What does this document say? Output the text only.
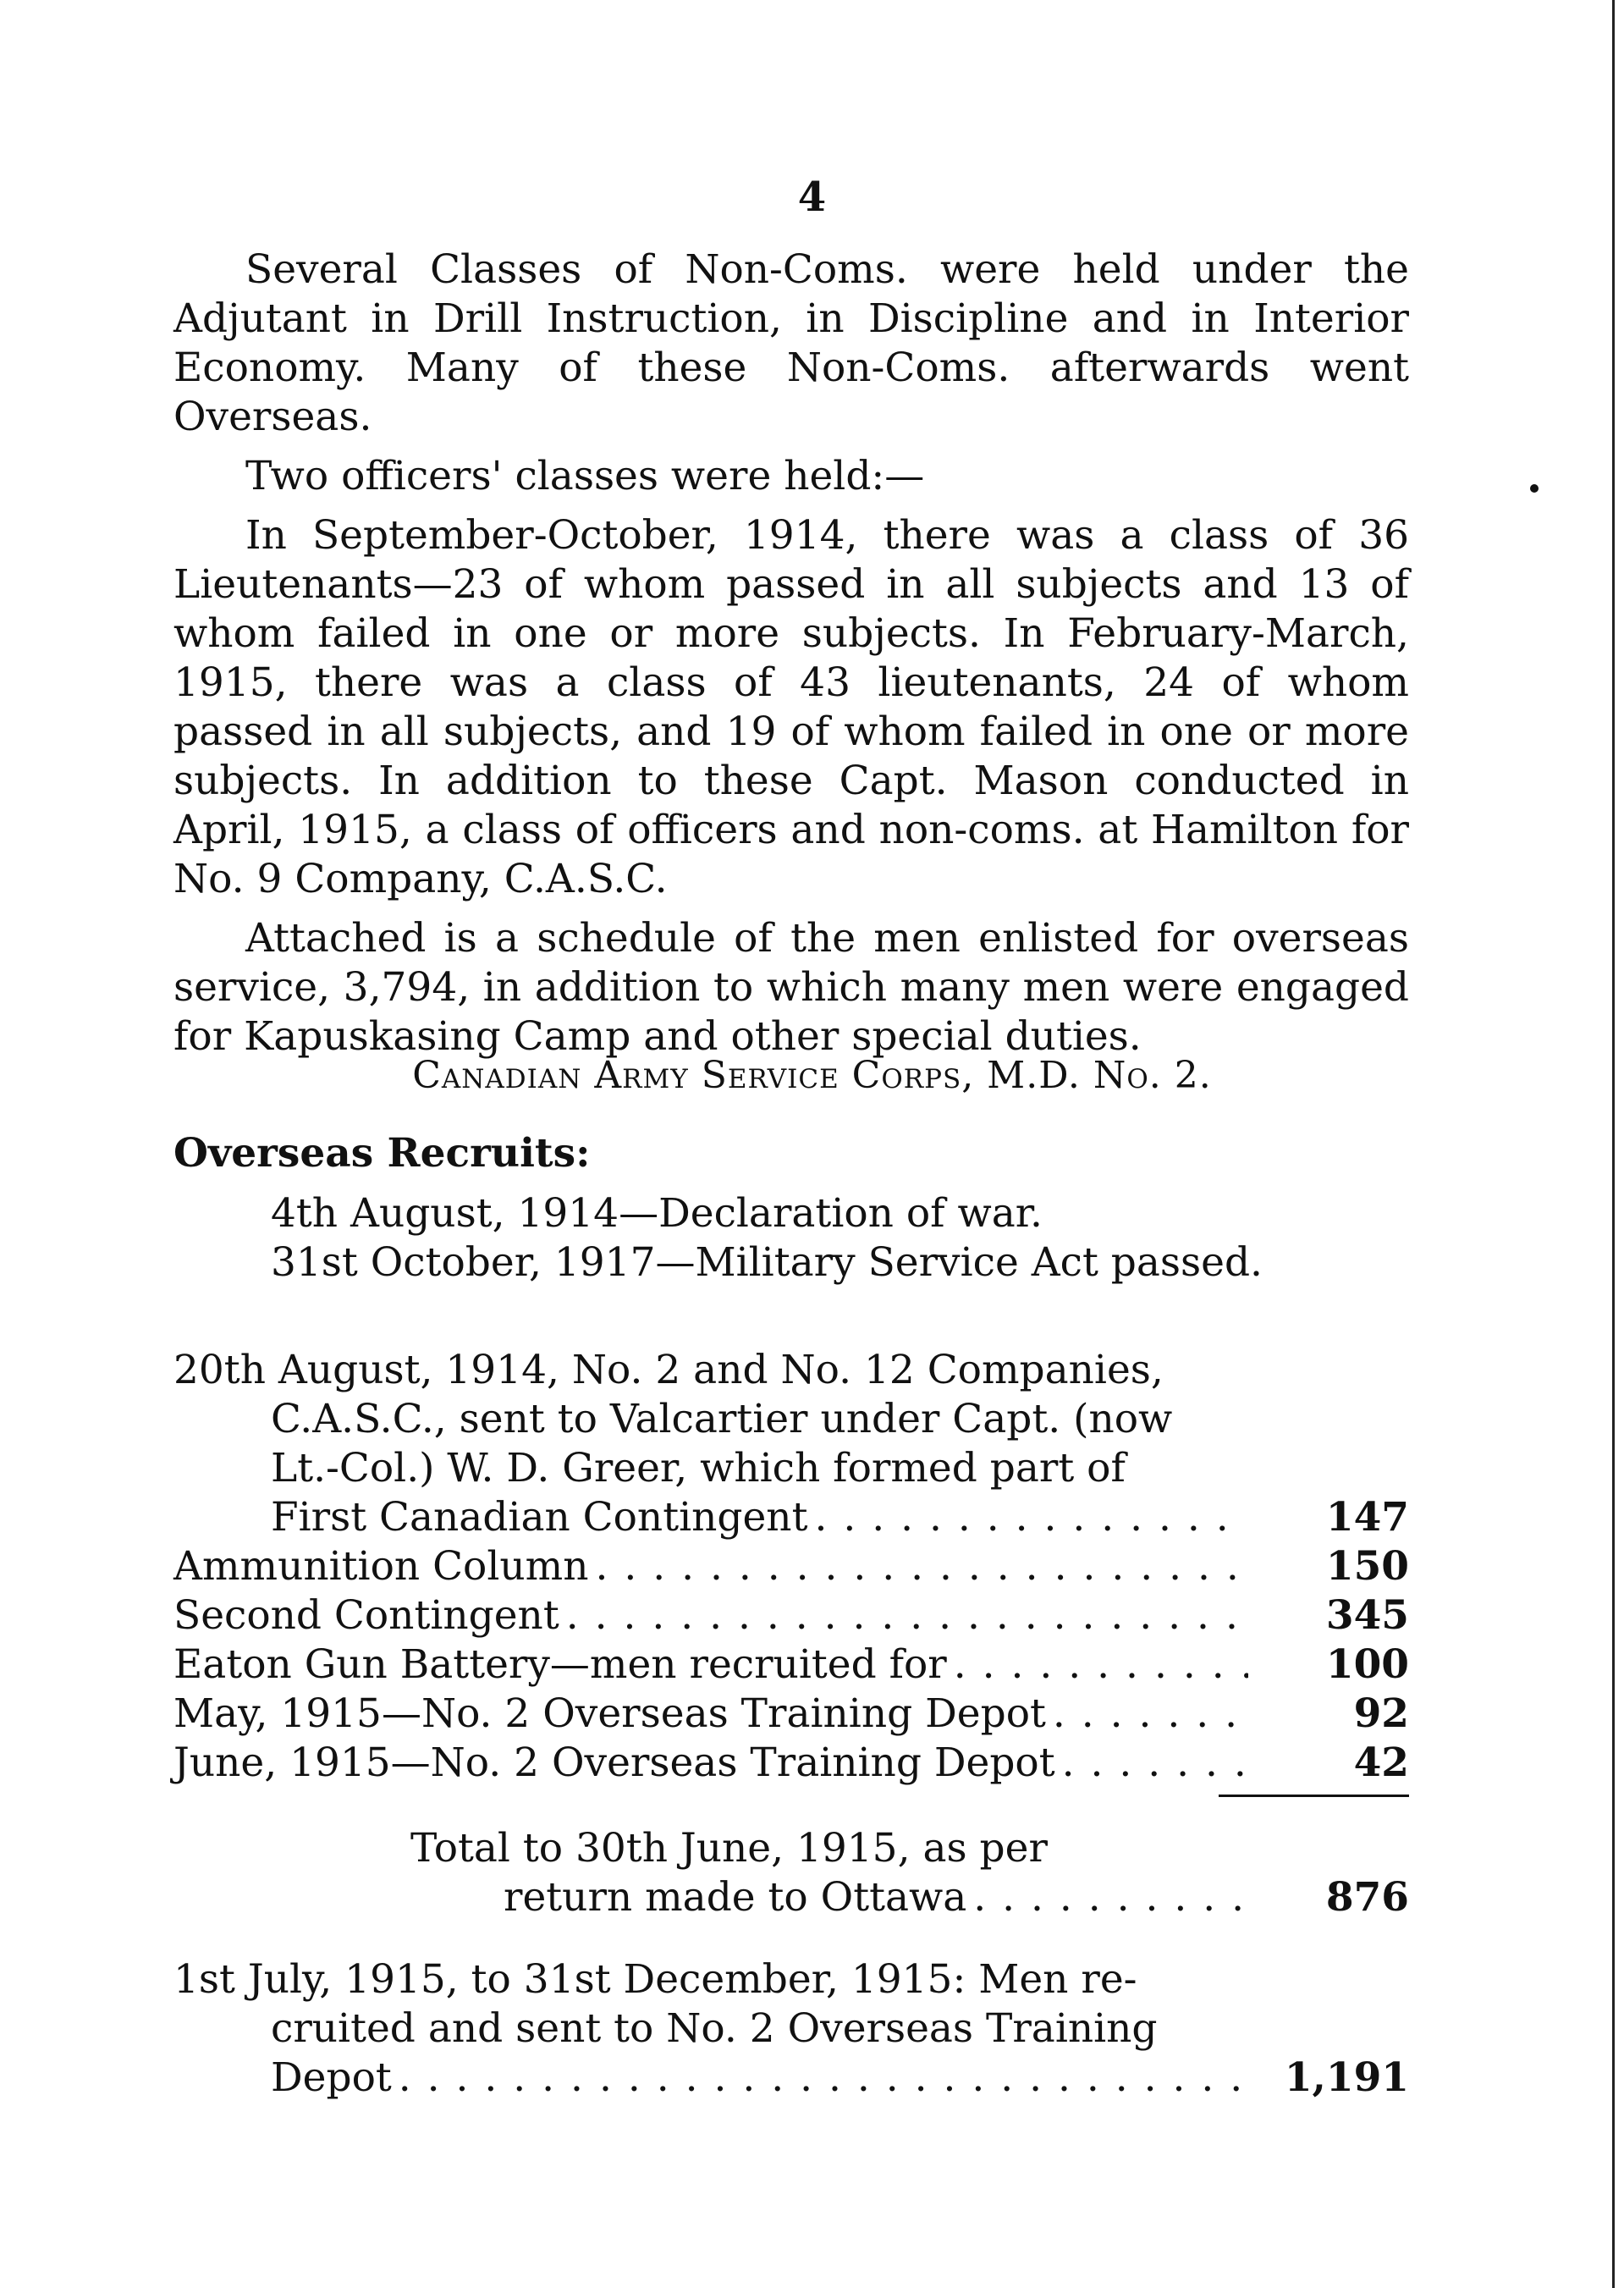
4

Several Classes of Non-Coms. were held under the Adjutant in Drill Instruction, in Discipline and in Interior Economy. Many of these Non-Coms. afterwards went Overseas.

Two officers' classes were held:—

In September-October, 1914, there was a class of 36 Lieutenants—23 of whom passed in all subjects and 13 of whom failed in one or more subjects. In February-March, 1915, there was a class of 43 lieutenants, 24 of whom passed in all subjects, and 19 of whom failed in one or more subjects. In addition to these Capt. Mason conducted in April, 1915, a class of officers and non-coms. at Hamilton for No. 9 Company, C.A.S.C.

Attached is a schedule of the men enlisted for overseas service, 3,794, in addition to which many men were engaged for Kapuskasing Camp and other special duties.

Canadian Army Service Corps, M.D. No. 2.
Overseas Recruits:
4th August, 1914—Declaration of war.
31st October, 1917—Military Service Act passed.
20th August, 1914, No. 2 and No. 12 Companies,
C.A.S.C., sent to Valcartier under Capt. (now
Lt.-Col.) W. D. Greer, which formed part of
First Canadian Contingent . . .	147
Ammunition Column . . .	150
Second Contingent . . .	345
Eaton Gun Battery—men recruited for . . .	100
May, 1915—No. 2 Overseas Training Depot . . .	92
June, 1915—No. 2 Overseas Training Depot . . .	42
Total to 30th June, 1915, as per
return made to Ottawa . . .	876
1st July, 1915, to 31st December, 1915: Men re-
cruited and sent to No. 2 Overseas Training
Depot . . .	1,191
